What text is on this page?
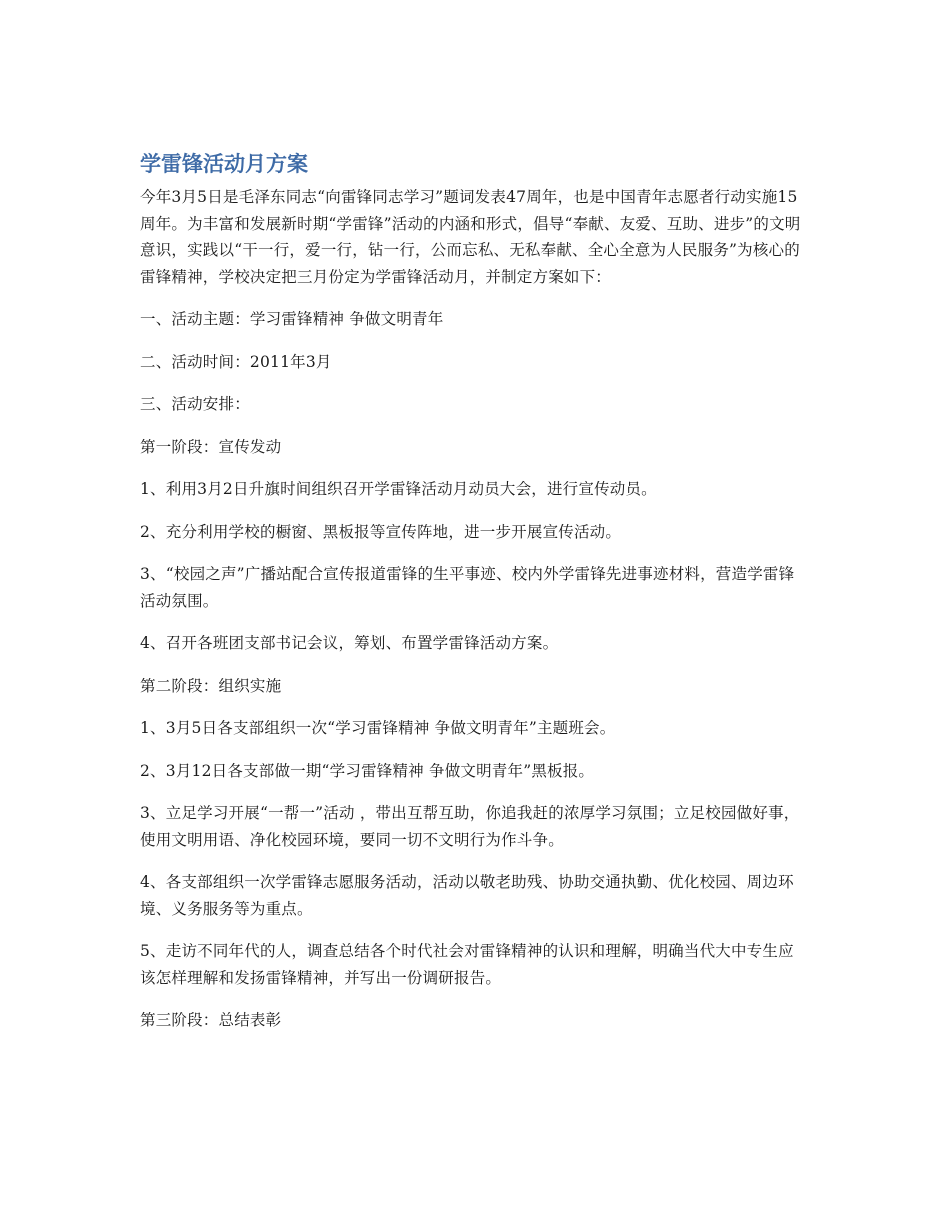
学雷锋活动月方案

今年3月5日是毛泽东同志“向雷锋同志学习”题词发表47周年，也是中国青年志愿者行动实施15周年。为丰富和发展新时期“学雷锋”活动的内涵和形式，倡导“奉献、友爱、互助、进步”的文明意识，实践以“干一行，爱一行，钻一行，公而忘私、无私奉献、全心全意为人民服务”为核心的雷锋精神，学校决定把三月份定为学雷锋活动月，并制定方案如下：

一、活动主题：学习雷锋精神 争做文明青年

二、活动时间：2011年3月

三、活动安排：

第一阶段：宣传发动

1、利用3月2日升旗时间组织召开学雷锋活动月动员大会，进行宣传动员。

2、充分利用学校的橱窗、黑板报等宣传阵地，进一步开展宣传活动。

3、“校园之声”广播站配合宣传报道雷锋的生平事迹、校内外学雷锋先进事迹材料，营造学雷锋活动氛围。

4、召开各班团支部书记会议，筹划、布置学雷锋活动方案。

第二阶段：组织实施

1、3月5日各支部组织一次“学习雷锋精神 争做文明青年”主题班会。

2、3月12日各支部做一期“学习雷锋精神 争做文明青年”黑板报。

3、立足学习开展“一帮一”活动 ，带出互帮互助，你追我赶的浓厚学习氛围；立足校园做好事，使用文明用语、净化校园环境，要同一切不文明行为作斗争。

4、各支部组织一次学雷锋志愿服务活动，活动以敬老助残、协助交通执勤、优化校园、周边环境、义务服务等为重点。

5、走访不同年代的人，调查总结各个时代社会对雷锋精神的认识和理解，明确当代大中专生应该怎样理解和发扬雷锋精神，并写出一份调研报告。

第三阶段：总结表彰
